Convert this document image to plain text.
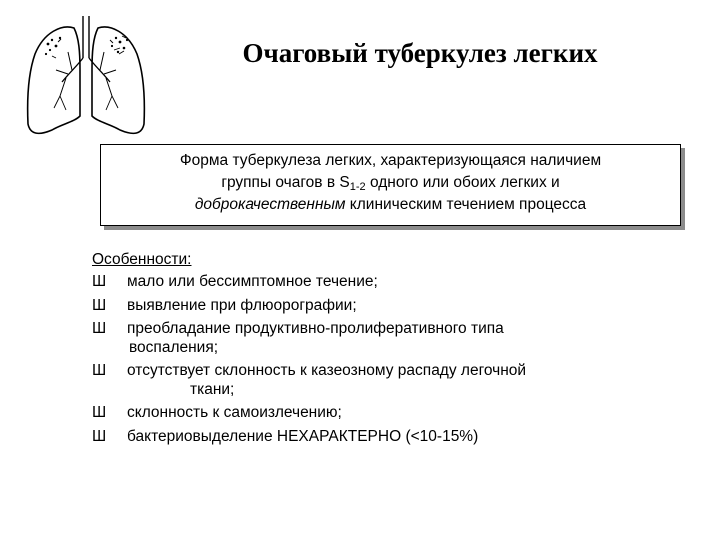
Очаговый туберкулез легких
Форма туберкулеза легких, характеризующаяся наличием
группы очагов в $S_{1-2}$ одного или обоих легких и
доброкачественным клиническим течением процесса
Особенности:
Ш мало или бессимптомное течение;
Ш выявление при флюорографии;
Ш преобладание продуктивно-пролиферативного типа
воспаления;
Ш отсутствует склонность к казеозному распаду легочной
ткани;
Ш склонность к самоизлечению;
Ш бактериовыделение НЕХАРАКТЕРНО (<10-15%)
